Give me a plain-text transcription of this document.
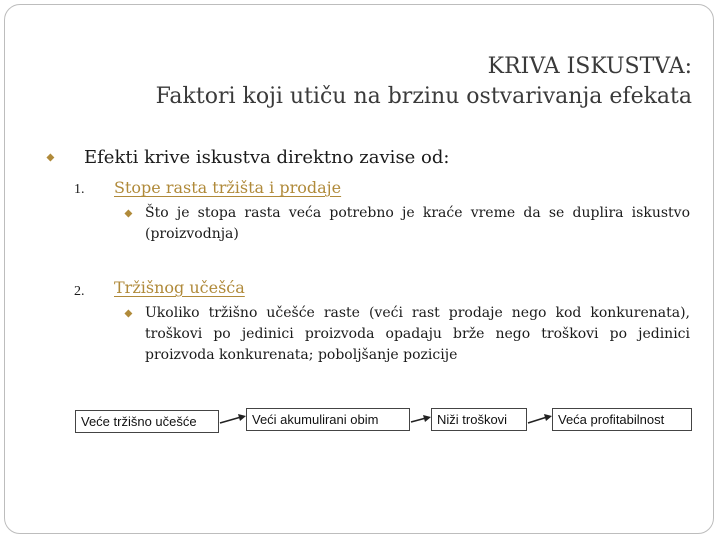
KRIVA ISKUSTVA:
Faktori koji utiču na brzinu ostvarivanja efekata
⯁ Efekti krive iskustva direktno zavise od:
1. Stope rasta tržišta i prodaje
⯁ Što je stopa rasta veća potrebno je kraće vreme da se duplira iskustvo (proizvodnja)
2. Tržišnog učešća
⯁ Ukoliko tržišno učešće raste (veći rast prodaje nego kod konkurenata), troškovi po jedinici proizvoda opadaju brže nego troškovi po jedinici proizvoda konkurenata; poboljšanje pozicije
Veće tržišno učešće	Veći akumulirani obim	Niži troškovi	Veća profitabilnost
